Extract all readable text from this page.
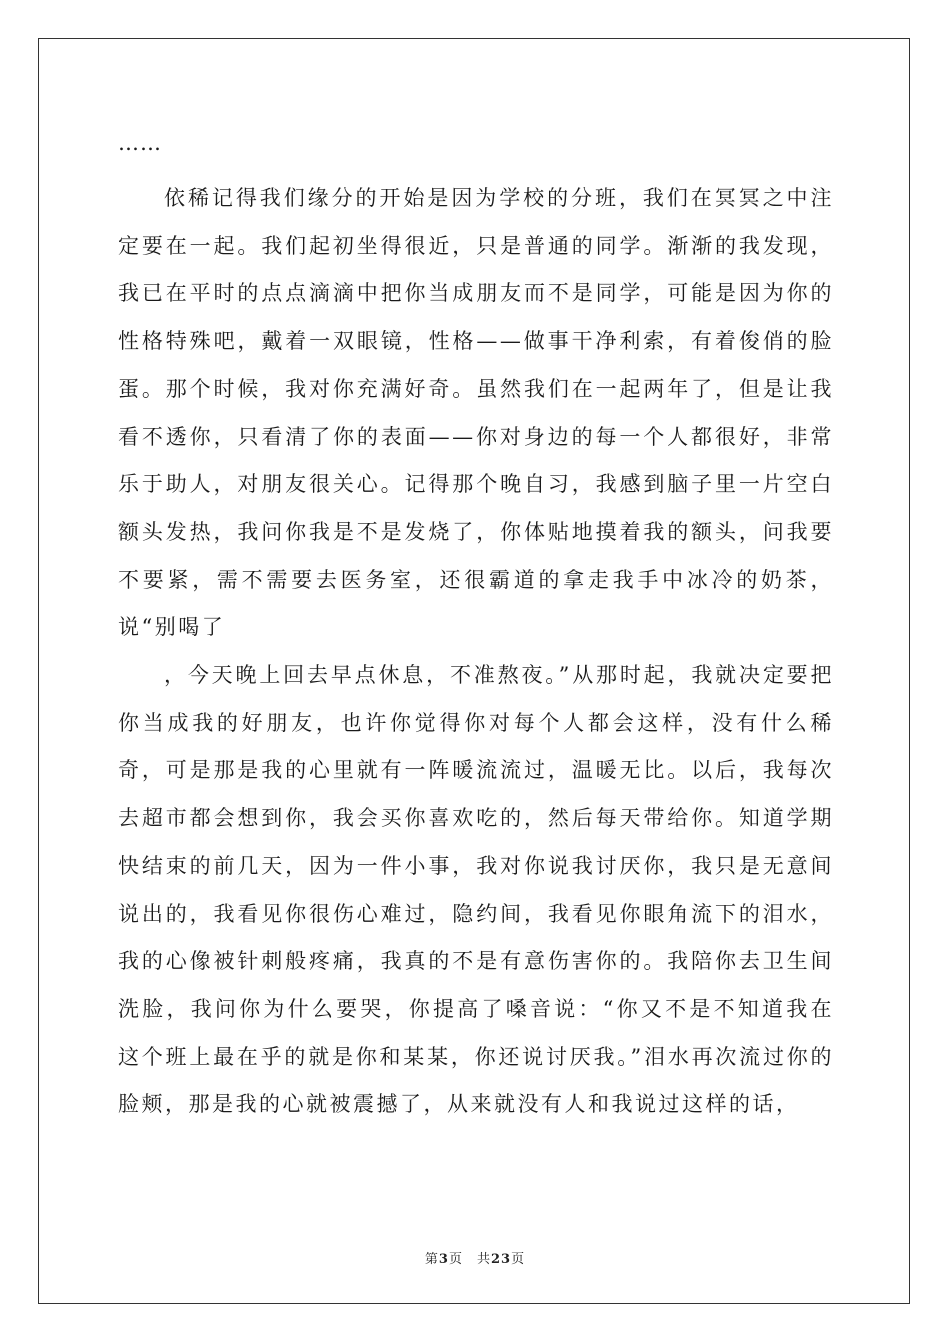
……

依稀记得我们缘分的开始是因为学校的分班，我们在冥冥之中注定要在一起。我们起初坐得很近，只是普通的同学。渐渐的我发现，我已在平时的点点滴滴中把你当成朋友而不是同学，可能是因为你的性格特殊吧，戴着一双眼镜，性格——做事干净利索，有着俊俏的脸蛋。那个时候，我对你充满好奇。虽然我们在一起两年了，但是让我看不透你，只看清了你的表面——你对身边的每一个人都很好，非常乐于助人，对朋友很关心。记得那个晚自习，我感到脑子里一片空白额头发热，我问你我是不是发烧了，你体贴地摸着我的额头，问我要不要紧，需不需要去医务室，还很霸道的拿走我手中冰冷的奶茶，说“别喝了

，今天晚上回去早点休息，不准熬夜。”从那时起，我就决定要把你当成我的好朋友，也许你觉得你对每个人都会这样，没有什么稀奇，可是那是我的心里就有一阵暖流流过，温暖无比。以后，我每次去超市都会想到你，我会买你喜欢吃的，然后每天带给你。知道学期快结束的前几天，因为一件小事，我对你说我讨厌你，我只是无意间说出的，我看见你很伤心难过，隐约间，我看见你眼角流下的泪水，我的心像被针刺般疼痛，我真的不是有意伤害你的。我陪你去卫生间洗脸，我问你为什么要哭，你提高了嗓音说：“你又不是不知道我在这个班上最在乎的就是你和某某，你还说讨厌我。”泪水再次流过你的脸颊，那是我的心就被震撼了，从来就没有人和我说过这样的话，

第3页 共23页
